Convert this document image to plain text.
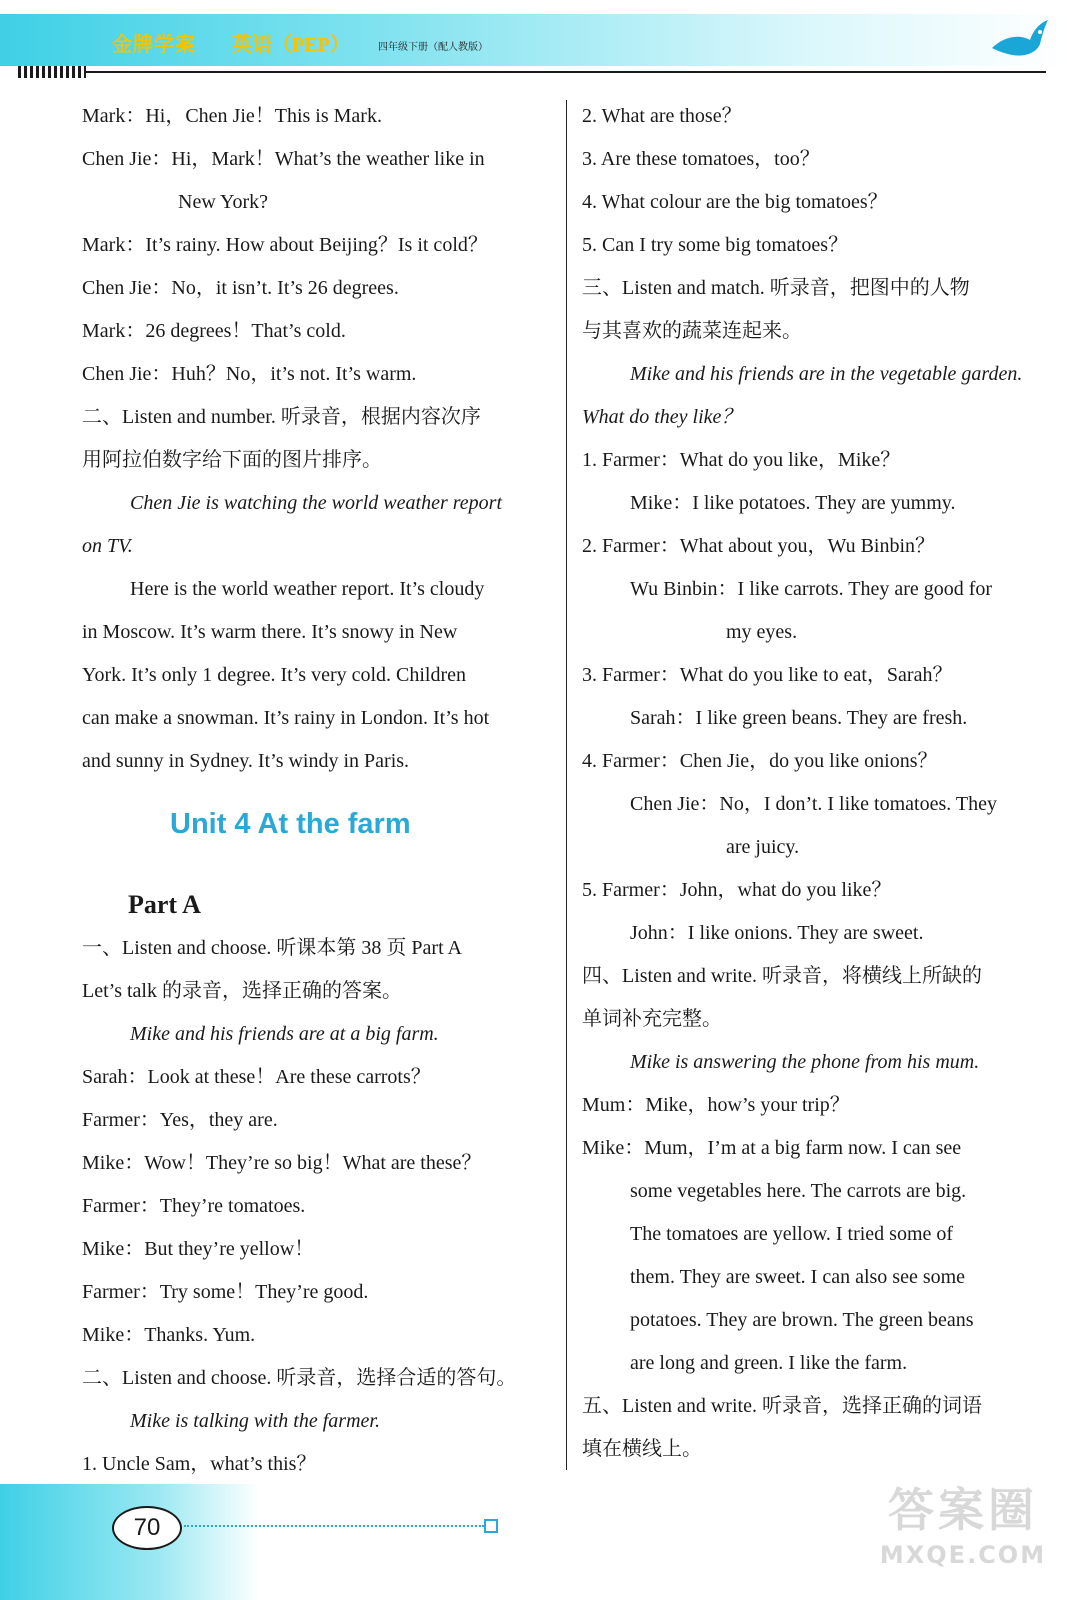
金牌学案 英语（PEP）	四年级下册（配人教版）
Mark：Hi，Chen Jie！This is Mark.
Chen Jie：Hi，Mark！What’s the weather like in
New York?
Mark：It’s rainy. How about Beijing？Is it cold？
Chen Jie：No，it isn’t. It’s 26 degrees.
Mark：26 degrees！That’s cold.
Chen Jie：Huh？No，it’s not. It’s warm.
二、Listen and number. 听录音，根据内容次序
用阿拉伯数字给下面的图片排序。
Chen Jie is watching the world weather report
on TV.
Here is the world weather report. It’s cloudy
in Moscow. It’s warm there. It’s snowy in New
York. It’s only 1 degree. It’s very cold. Children
can make a snowman. It’s rainy in London. It’s hot
and sunny in Sydney. It’s windy in Paris.
Unit 4 At the farm
Part A
一、Listen and choose. 听课本第 38 页 Part A
Let’s talk 的录音，选择正确的答案。
Mike and his friends are at a big farm.
Sarah：Look at these！Are these carrots？
Farmer：Yes，they are.
Mike：Wow！They’re so big！What are these？
Farmer：They’re tomatoes.
Mike：But they’re yellow！
Farmer：Try some！They’re good.
Mike：Thanks. Yum.
二、Listen and choose. 听录音，选择合适的答句。
Mike is talking with the farmer.
1. Uncle Sam，what’s this？
2. What are those？
3. Are these tomatoes，too？
4. What colour are the big tomatoes？
5. Can I try some big tomatoes？
三、Listen and match. 听录音，把图中的人物
与其喜欢的蔬菜连起来。
Mike and his friends are in the vegetable garden.
What do they like？
1. Farmer：What do you like，Mike？
Mike：I like potatoes. They are yummy.
2. Farmer：What about you，Wu Binbin？
Wu Binbin：I like carrots. They are good for
my eyes.
3. Farmer：What do you like to eat，Sarah？
Sarah：I like green beans. They are fresh.
4. Farmer：Chen Jie，do you like onions？
Chen Jie：No，I don’t. I like tomatoes. They
are juicy.
5. Farmer：John，what do you like？
John：I like onions. They are sweet.
四、Listen and write. 听录音，将横线上所缺的
单词补充完整。
Mike is answering the phone from his mum.
Mum：Mike，how’s your trip？
Mike：Mum，I’m at a big farm now. I can see
some vegetables here. The carrots are big.
The tomatoes are yellow. I tried some of
them. They are sweet. I can also see some
potatoes. They are brown. The green beans
are long and green. I like the farm.
五、Listen and write. 听录音，选择正确的词语
填在横线上。
70	答案圈
MXQE.COM
